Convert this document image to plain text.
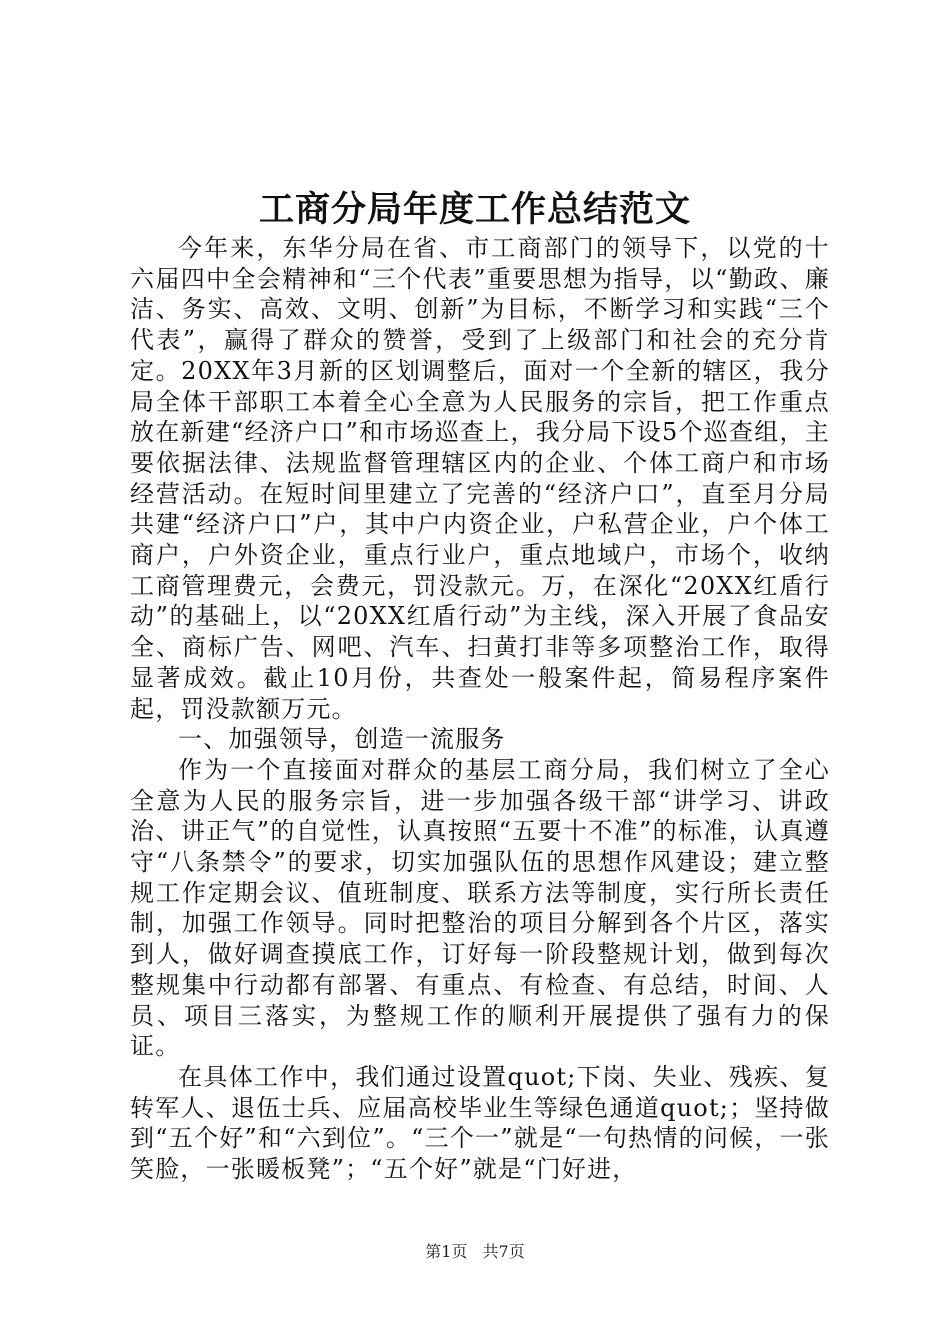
工商分局年度工作总结范文

今年来，东华分局在省、市工商部门的领导下，以党的十六届四中全会精神和“三个代表”重要思想为指导，以“勤政、廉洁、务实、高效、文明、创新”为目标，不断学习和实践“三个代表”，赢得了群众的赞誉，受到了上级部门和社会的充分肯定。20XX年3月新的区划调整后，面对一个全新的辖区，我分局全体干部职工本着全心全意为人民服务的宗旨，把工作重点放在新建“经济户口”和市场巡查上，我分局下设5个巡查组，主要依据法律、法规监督管理辖区内的企业、个体工商户和市场经营活动。在短时间里建立了完善的“经济户口”，直至月分局共建“经济户口”户，其中户内资企业，户私营企业，户个体工商户，户外资企业，重点行业户，重点地域户，市场个，收纳工商管理费元，会费元，罚没款元。万，在深化“20XX红盾行动”的基础上，以“20XX红盾行动”为主线，深入开展了食品安全、商标广告、网吧、汽车、扫黄打非等多项整治工作，取得显著成效。截止10月份，共查处一般案件起，简易程序案件起，罚没款额万元。

一、加强领导，创造一流服务

作为一个直接面对群众的基层工商分局，我们树立了全心全意为人民的服务宗旨，进一步加强各级干部“讲学习、讲政治、讲正气”的自觉性，认真按照“五要十不准”的标准，认真遵守“八条禁令”的要求，切实加强队伍的思想作风建设；建立整规工作定期会议、值班制度、联系方法等制度，实行所长责任制，加强工作领导。同时把整治的项目分解到各个片区，落实到人，做好调查摸底工作，订好每一阶段整规计划，做到每次整规集中行动都有部署、有重点、有检查、有总结，时间、人员、项目三落实，为整规工作的顺利开展提供了强有力的保证。

在具体工作中，我们通过设置quot;下岗、失业、残疾、复转军人、退伍士兵、应届高校毕业生等绿色通道quot;；坚持做到“五个好”和“六到位”。“三个一”就是“一句热情的问候，一张笑脸，一张暖板凳”；“五个好”就是“门好进，

第1页 共7页
